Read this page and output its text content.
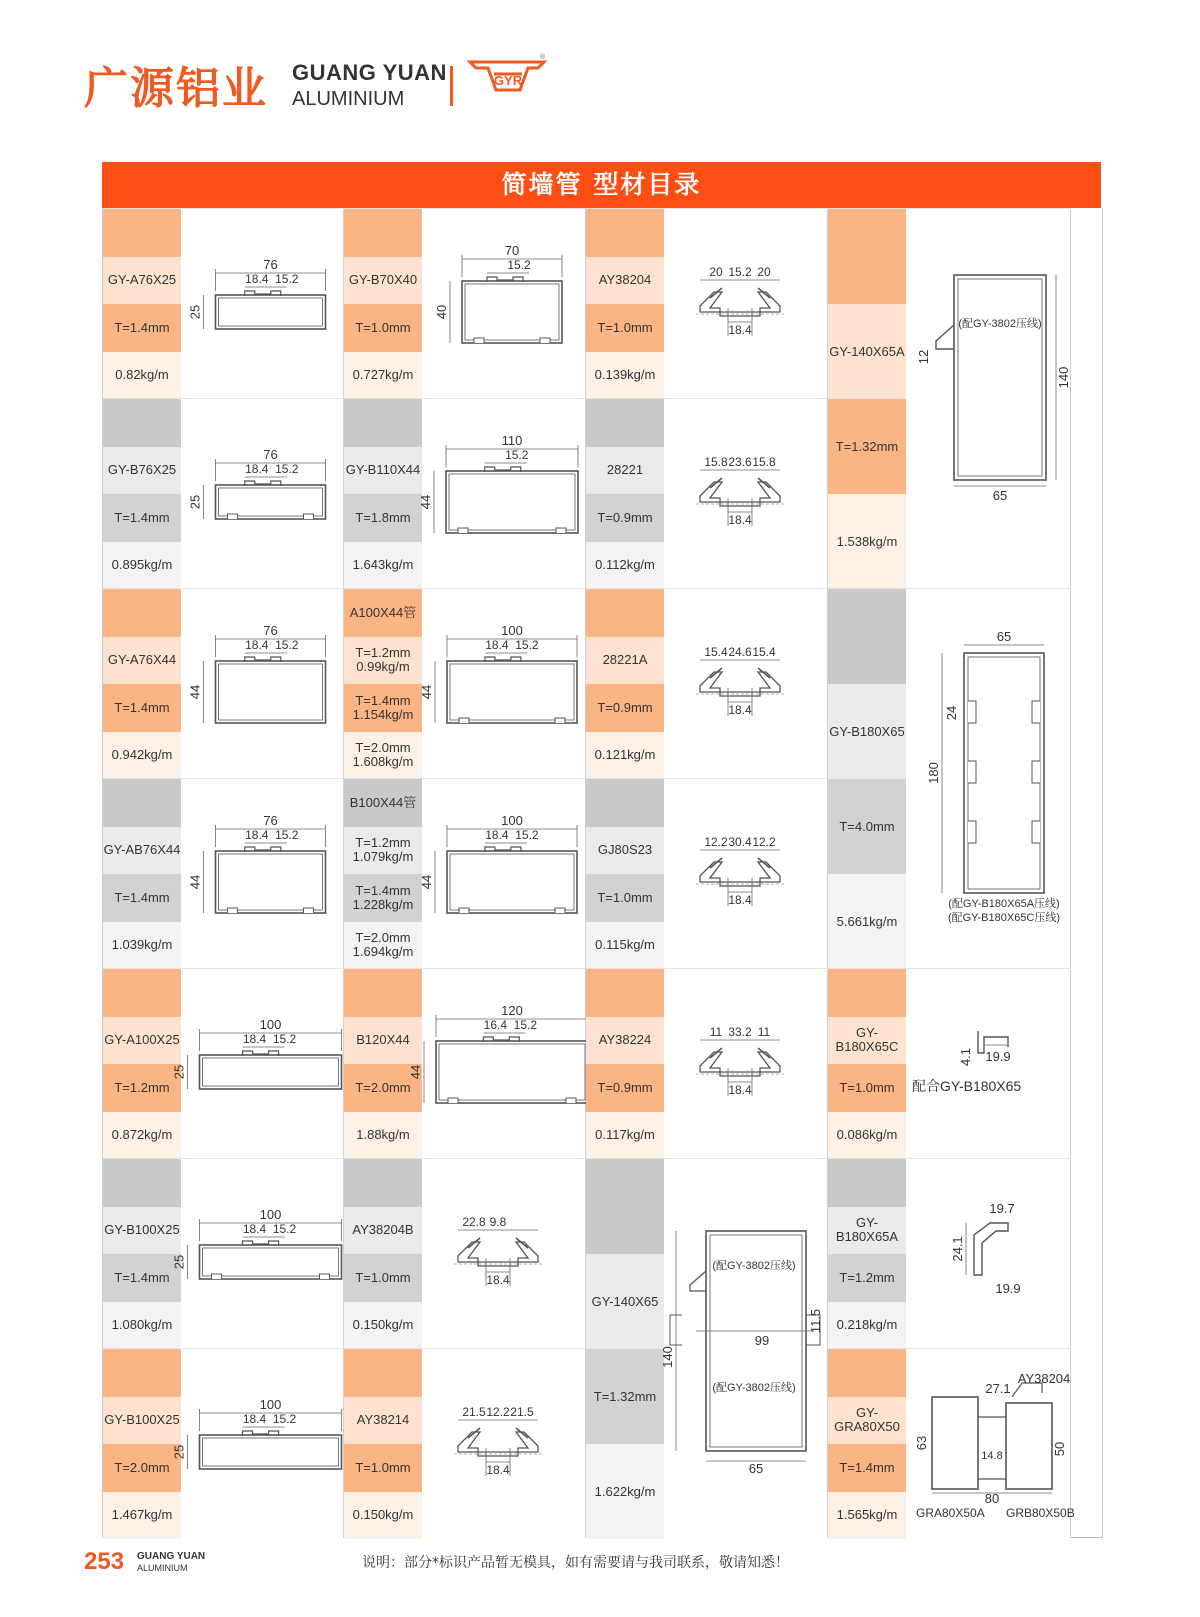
广源铝业 GUANG YUAN
ALUMINIUM
GYR
®
简墙管 型材目录
GY-A76X25
T=1.4mm
0.82kg/m
76
18.4 15.2
25
GY-B76X25
T=1.4mm
0.895kg/m
76
18.4 15.2
25
GY-A76X44
T=1.4mm
0.942kg/m
76
18.4 15.2
44
GY-AB76X44
T=1.4mm
1.039kg/m
76
18.4 15.2
44
GY-A100X25
T=1.2mm
0.872kg/m
100
18.4 15.2
25
GY-B100X25
T=1.4mm
1.080kg/m
100
18.4 15.2
25
GY-B100X25
T=2.0mm
1.467kg/m
100
18.4 15.2
25
GY-B70X40
T=1.0mm
0.727kg/m
70
15.2
40
GY-B110X44
T=1.8mm
1.643kg/m
110
15.2
44
A100X44管
T=1.2mm
0.99kg/m
T=1.4mm
1.154kg/m
T=2.0mm
1.608kg/m
100
18.4 15.2
44
B100X44管
T=1.2mm
1.079kg/m
T=1.4mm
1.228kg/m
T=2.0mm
1.694kg/m
100
18.4 15.2
44
B120X44
T=2.0mm
1.88kg/m
120
16.4 15.2
44
AY38204B
T=1.0mm
0.150kg/m
22.8 9.8
18.4
AY38214
T=1.0mm
0.150kg/m
21.5 12.2 21.5
18.4
AY38204
T=1.0mm
0.139kg/m
20 15.2 20
18.4
28221
T=0.9mm
0.112kg/m
15.8 23.6 15.8
18.4
28221A
T=0.9mm
0.121kg/m
15.4 24.6 15.4
18.4
GJ80S23
T=1.0mm
0.115kg/m
12.2 30.4 12.2
18.4
AY38224
T=0.9mm
0.117kg/m
11 33.2 11
18.4
GY-140X65
T=1.32mm
1.622kg/m
(配GY-3802压线)
(配GY-3802压线)
99
11.5
65
140
GY-140X65A
T=1.32mm
1.538kg/m
(配GY-3802压线)
12
140
65
GY-B180X65
T=4.0mm
5.661kg/m
65
180
24
(配GY-B180X65A压线)
(配GY-B180X65C压线)
GY-B180X65C
T=1.0mm
0.086kg/m
4.1 19.9
配合GY-B180X65
GY-B180X65A
T=1.2mm
0.218kg/m
19.7
24.1
19.9
GY-GRA80X50
T=1.4mm
1.565kg/m
AY38204
27.1
63
14.8	50
80
GRA80X50A GRB80X50B
253 GUANG YUAN
ALUMINIUM	说明：部分*标识产品暂无模具，如有需要请与我司联系，敬请知悉！
